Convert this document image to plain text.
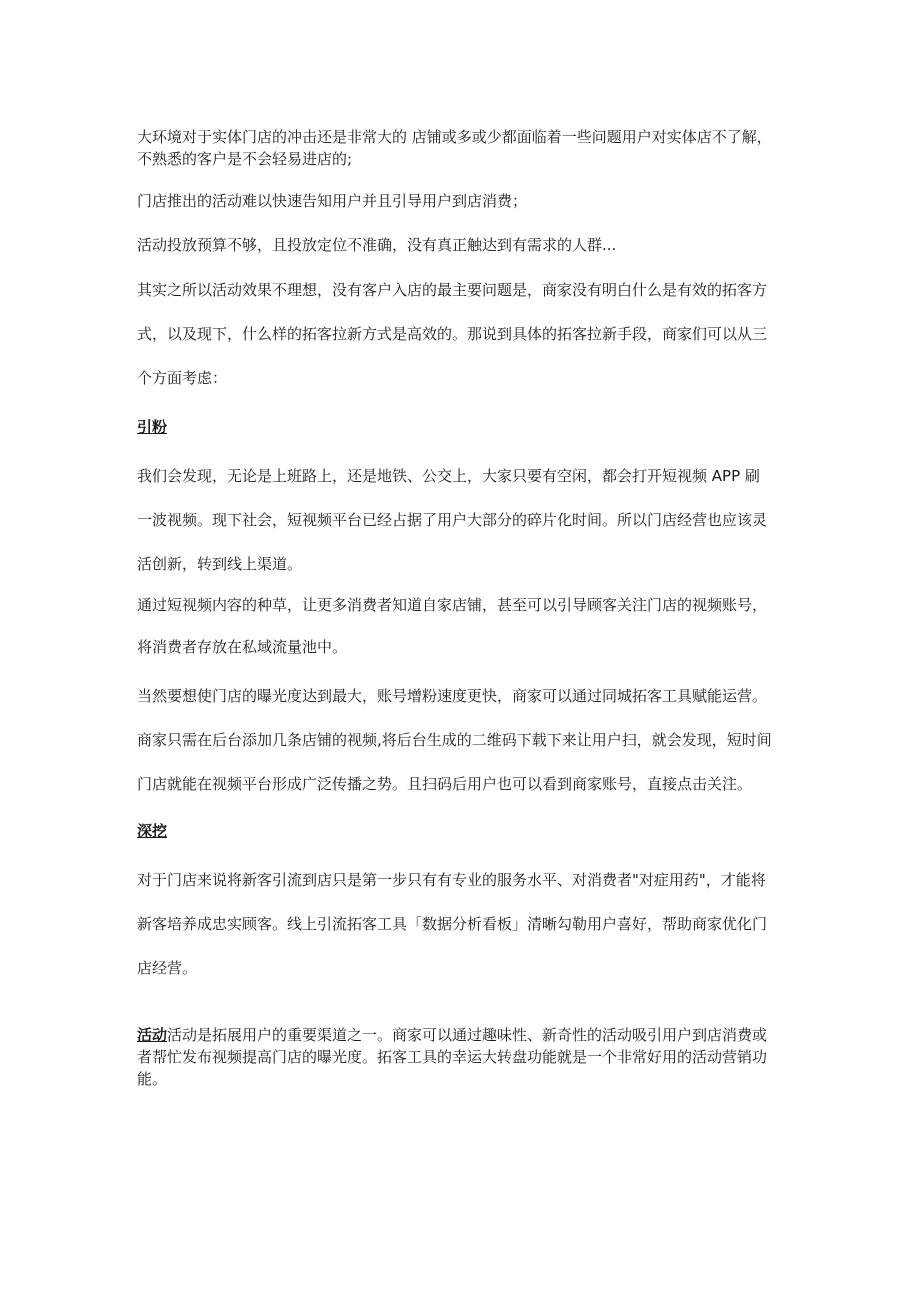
大环境对于实体门店的冲击还是非常大的 店铺或多或少都面临着一些问题用户对实体店不了解，

不熟悉的客户是不会轻易进店的;

门店推出的活动难以快速告知用户并且引导用户到店消费；

活动投放预算不够，且投放定位不准确，没有真正触达到有需求的人群...

其实之所以活动效果不理想，没有客户入店的最主要问题是，商家没有明白什么是有效的拓客方

式，以及现下，什么样的拓客拉新方式是高效的。那说到具体的拓客拉新手段，商家们可以从三

个方面考虑：

引粉

我们会发现，无论是上班路上，还是地铁、公交上，大家只要有空闲，都会打开短视频 APP 刷

一波视频。现下社会，短视频平台已经占据了用户大部分的碎片化时间。所以门店经营也应该灵

活创新，转到线上渠道。

通过短视频内容的种草，让更多消费者知道自家店铺，甚至可以引导顾客关注门店的视频账号，

将消费者存放在私域流量池中。

当然要想使门店的曝光度达到最大，账号增粉速度更快，商家可以通过同城拓客工具赋能运营。

商家只需在后台添加几条店铺的视频,将后台生成的二维码下载下来让用户扫，就会发现，短时间

门店就能在视频平台形成广泛传播之势。且扫码后用户也可以看到商家账号，直接点击关注。

深挖

对于门店来说将新客引流到店只是第一步只有有专业的服务水平、对消费者"对症用药"，才能将

新客培养成忠实顾客。线上引流拓客工具「数据分析看板」清晰勾勒用户喜好，帮助商家优化门

店经营。

活动活动是拓展用户的重要渠道之一。商家可以通过趣味性、新奇性的活动吸引用户到店消费或

者帮忙发布视频提高门店的曝光度。拓客工具的幸运大转盘功能就是一个非常好用的活动营销功

能。
